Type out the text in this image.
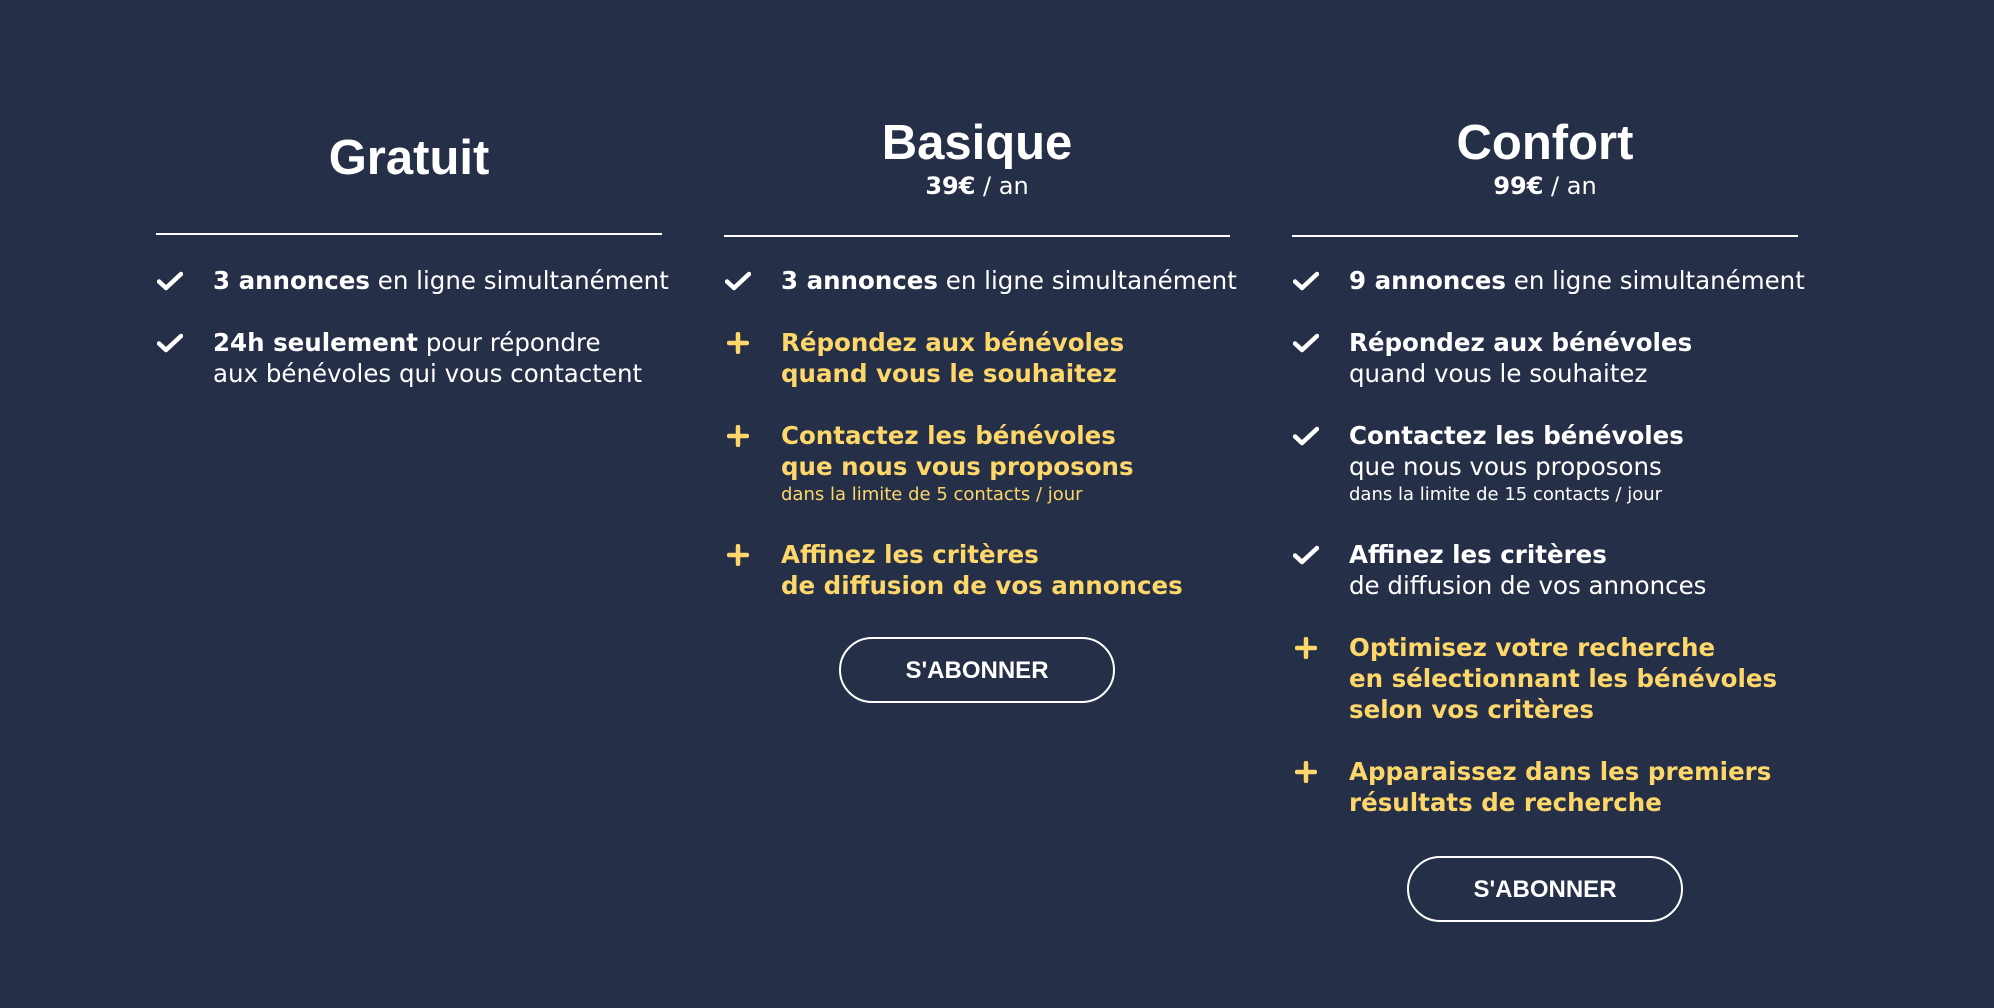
Gratuit
3 annonces en ligne simultanément
24h seulement pour répondre
aux bénévoles qui vous contactent
Basique
39€ / an
3 annonces en ligne simultanément
Répondez aux bénévoles
quand vous le souhaitez
Contactez les bénévoles
que nous vous proposons
dans la limite de 5 contacts / jour
Affinez les critères
de diffusion de vos annonces
S'ABONNER
Confort
99€ / an
9 annonces en ligne simultanément
Répondez aux bénévoles
quand vous le souhaitez
Contactez les bénévoles
que nous vous proposons
dans la limite de 15 contacts / jour
Affinez les critères
de diffusion de vos annonces
Optimisez votre recherche
en sélectionnant les bénévoles
selon vos critères
Apparaissez dans les premiers
résultats de recherche
S'ABONNER
